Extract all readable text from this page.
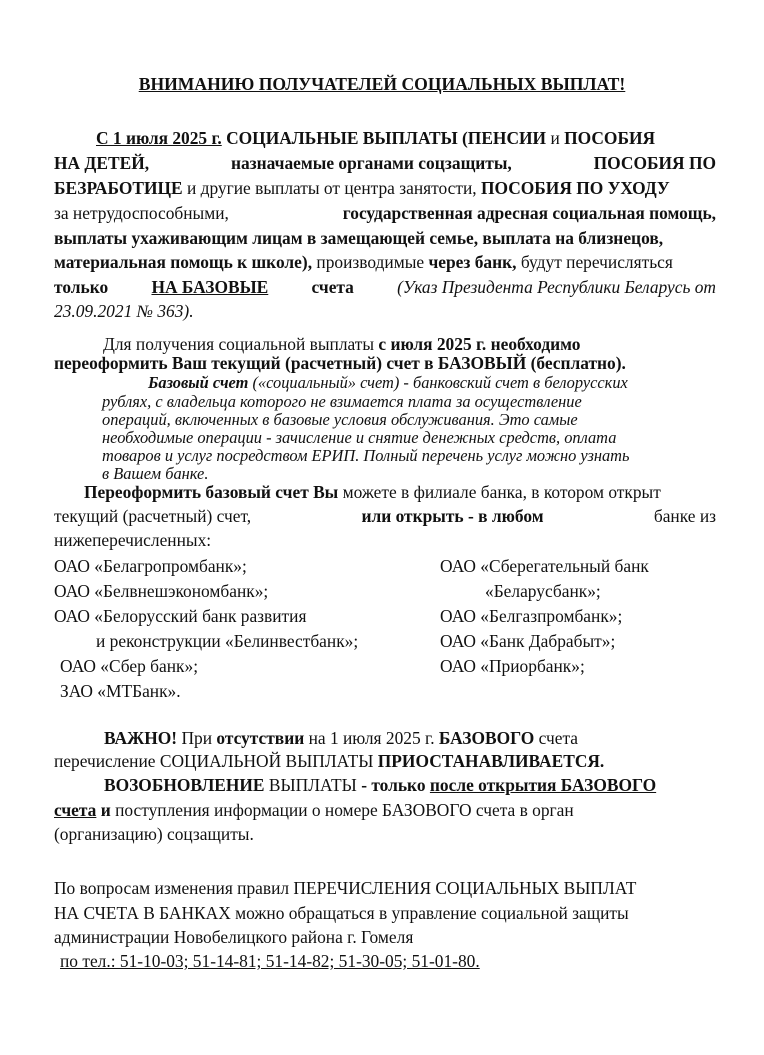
ВНИМАНИЮ ПОЛУЧАТЕЛЕЙ СОЦИАЛЬНЫХ ВЫПЛАТ!
С 1 июля 2025 г. СОЦИАЛЬНЫЕ ВЫПЛАТЫ (ПЕНСИИ и ПОСОБИЯ
НА ДЕТЕЙ,	назначаемые органами соцзащиты,	ПОСОБИЯ ПО
БЕЗРАБОТИЦЕ и другие выплаты от центра занятости, ПОСОБИЯ ПО УХОДУ
за нетрудоспособными,	государственная адресная социальная помощь,
выплаты ухаживающим лицам в замещающей семье, выплата на близнецов,
материальная помощь к школе), производимые через банк, будут перечисляться
только НА БАЗОВЫЕ счета (Указ Президента Республики Беларусь от
23.09.2021 № 363).
Для получения социальной выплаты с июля 2025 г. необходимо
переоформить Ваш текущий (расчетный) счет в БАЗОВЫЙ (бесплатно).
Базовый счет («социальный» счет) - банковский счет в белорусских
рублях, с владельца которого не взимается плата за осуществление
операций, включенных в базовые условия обслуживания. Это самые
необходимые операции - зачисление и снятие денежных средств, оплата
товаров и услуг посредством ЕРИП. Полный перечень услуг можно узнать
в Вашем банке.
Переоформить базовый счет Вы можете в филиале банка, в котором открыт
текущий (расчетный) счет,	или открыть - в любом	банке из
нижеперечисленных:
ОАО «Белагропромбанк»;
ОАО «Белвнешэкономбанк»;
ОАО «Белорусский банк развития
и реконструкции «Белинвестбанк»;
ОАО «Сбер банк»;
ЗАО «МТБанк».
ОАО «Сберегательный банк
«Беларусбанк»;
ОАО «Белгазпромбанк»;
ОАО «Банк Дабрабыт»;
ОАО «Приорбанк»;
ВАЖНО! При отсутствии на 1 июля 2025 г. БАЗОВОГО счета
перечисление СОЦИАЛЬНОЙ ВЫПЛАТЫ ПРИОСТАНАВЛИВАЕТСЯ.
ВОЗОБНОВЛЕНИЕ ВЫПЛАТЫ - только после открытия БАЗОВОГО
счета и поступления информации о номере БАЗОВОГО счета в орган
(организацию) соцзащиты.
По вопросам изменения правил ПЕРЕЧИСЛЕНИЯ СОЦИАЛЬНЫХ ВЫПЛАТ
НА СЧЕТА В БАНКАХ можно обращаться в управление социальной защиты
администрации Новобелицкого района г. Гомеля
по тел.: 51-10-03; 51-14-81; 51-14-82; 51-30-05; 51-01-80.
